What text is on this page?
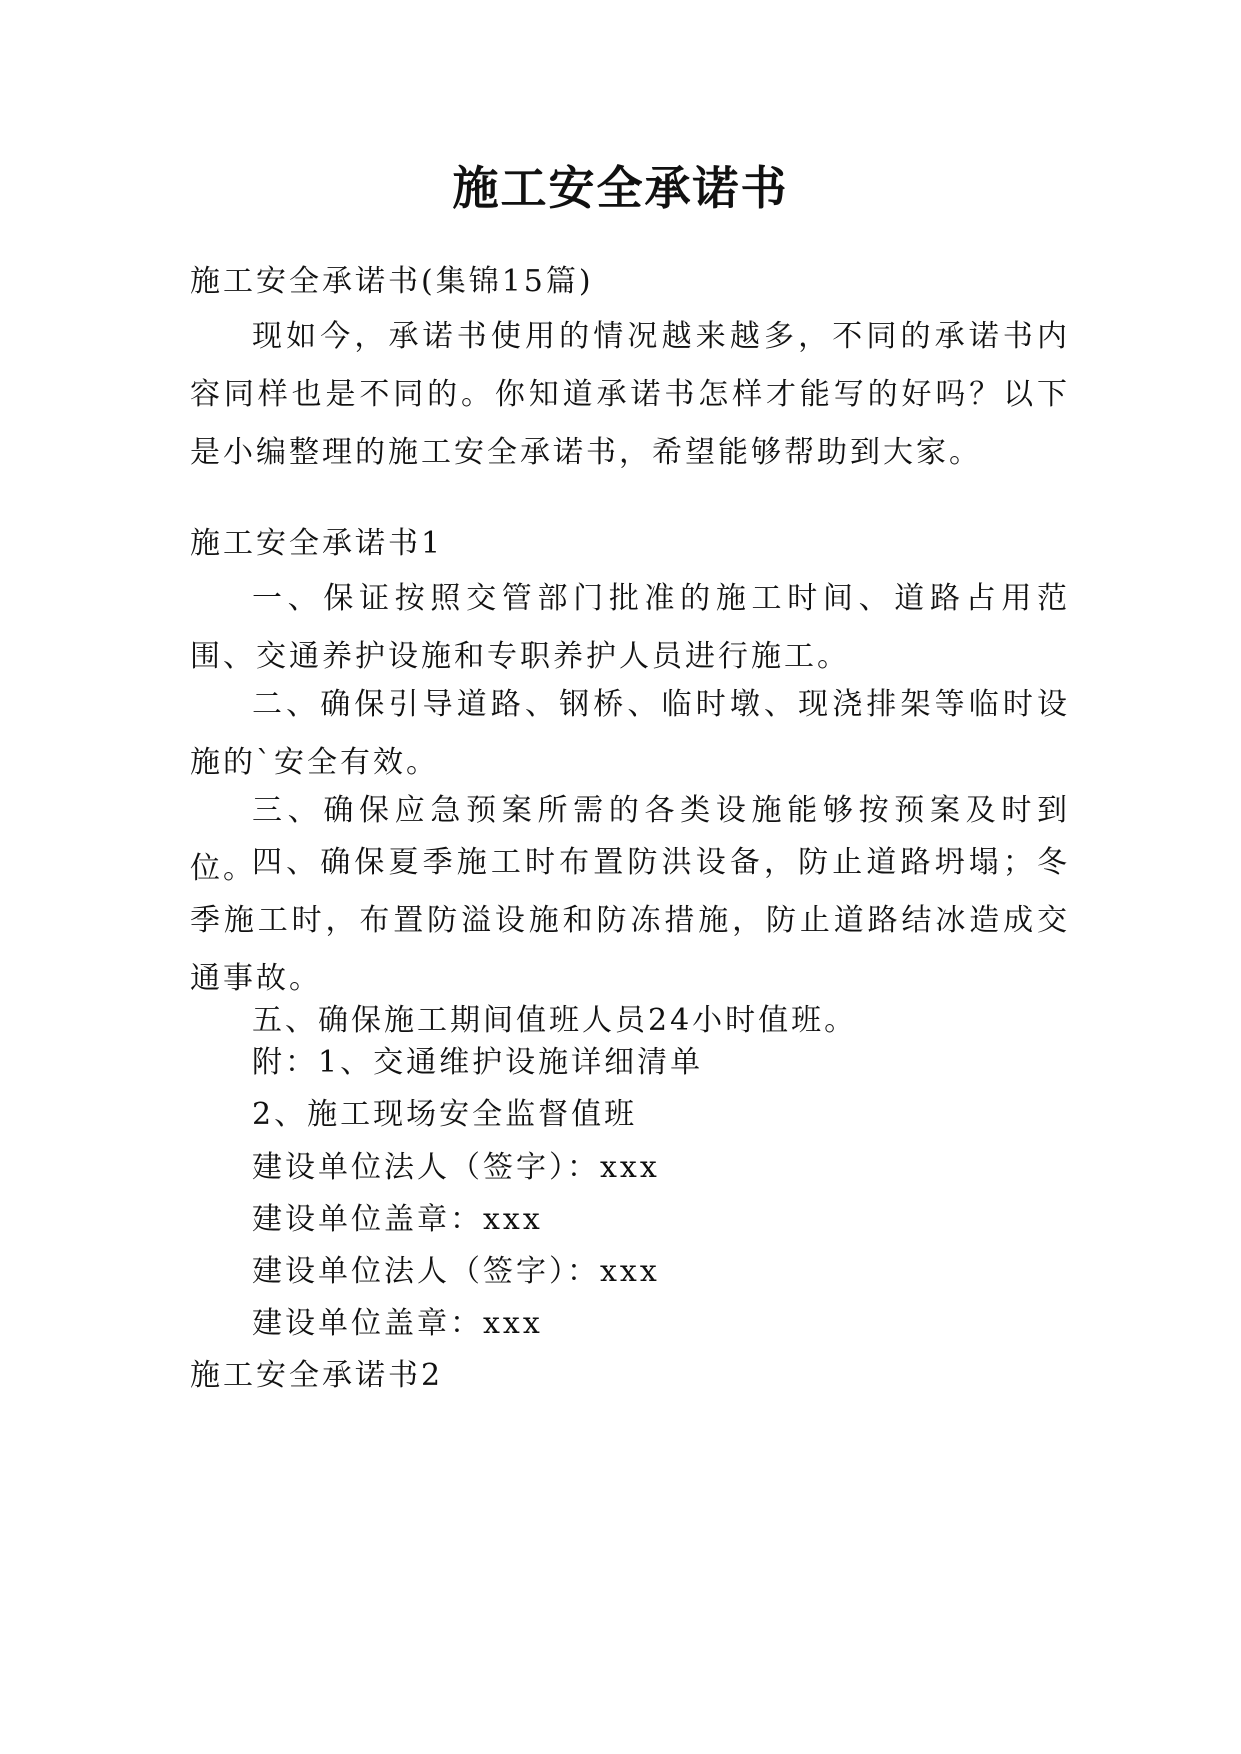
施工安全承诺书

施工安全承诺书(集锦15篇)

现如今，承诺书使用的情况越来越多，不同的承诺书内容同样也是不同的。你知道承诺书怎样才能写的好吗？以下是小编整理的施工安全承诺书，希望能够帮助到大家。

施工安全承诺书1

一、保证按照交管部门批准的施工时间、道路占用范围、交通养护设施和专职养护人员进行施工。

二、确保引导道路、钢桥、临时墩、现浇排架等临时设施的`安全有效。

三、确保应急预案所需的各类设施能够按预案及时到位。

四、确保夏季施工时布置防洪设备，防止道路坍塌；冬季施工时，布置防溢设施和防冻措施，防止道路结冰造成交通事故。

五、确保施工期间值班人员24小时值班。

附：1、交通维护设施详细清单

2、施工现场安全监督值班

建设单位法人（签字）：xxx

建设单位盖章：xxx

建设单位法人（签字）：xxx

建设单位盖章：xxx

施工安全承诺书2
